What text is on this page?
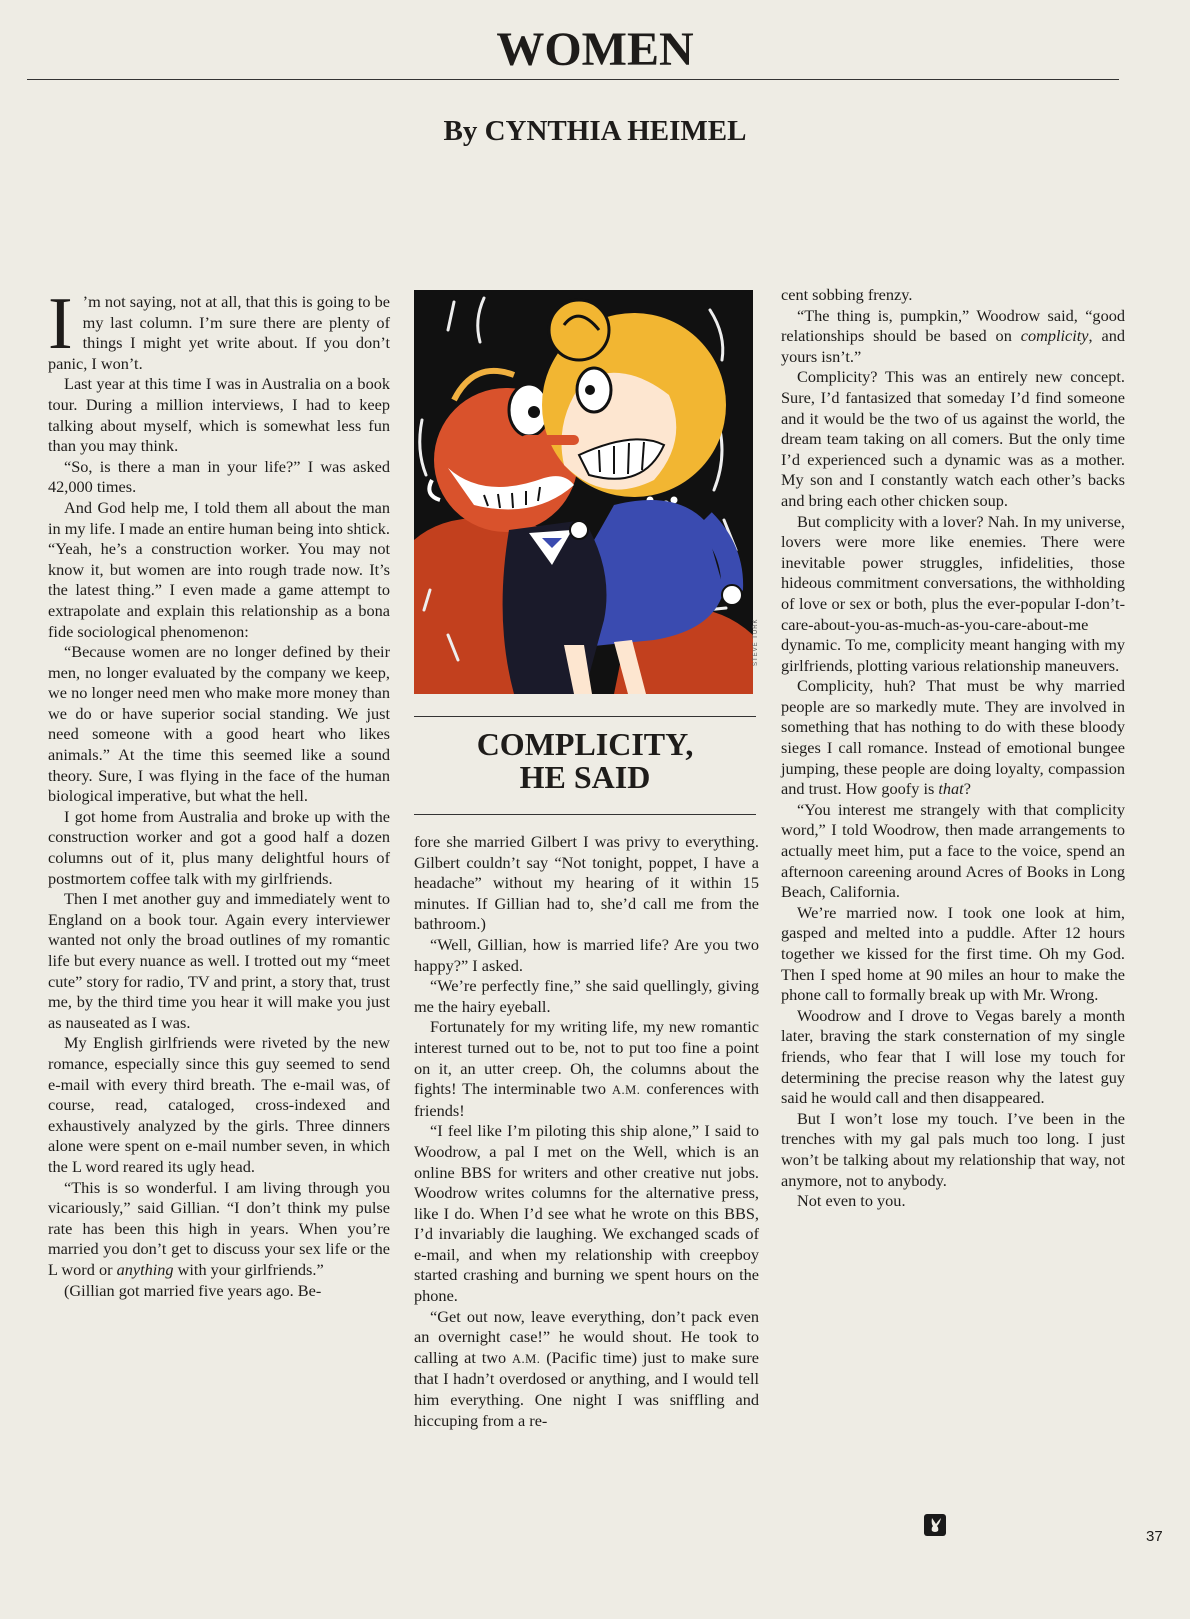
WOMEN
By CYNTHIA HEIMEL

I ’m not saying, not at all, that this is going to be my last column. I’m sure there are plenty of things I might yet write about. If you don’t panic, I won’t.

Last year at this time I was in Australia on a book tour. During a million interviews, I had to keep talking about myself, which is somewhat less fun than you may think.

“So, is there a man in your life?” I was asked 42,000 times.

And God help me, I told them all about the man in my life. I made an entire human being into shtick. “Yeah, he’s a construction worker. You may not know it, but women are into rough trade now. It’s the latest thing.” I even made a game attempt to extrapolate and explain this relationship as a bona fide sociological phenomenon:

“Because women are no longer defined by their men, no longer evaluated by the company we keep, we no longer need men who make more money than we do or have superior social standing. We just need someone with a good heart who likes animals.” At the time this seemed like a sound theory. Sure, I was flying in the face of the human biological imperative, but what the hell.

I got home from Australia and broke up with the construction worker and got a good half a dozen columns out of it, plus many delightful hours of postmortem coffee talk with my girlfriends.

Then I met another guy and immediately went to England on a book tour. Again every interviewer wanted not only the broad outlines of my romantic life but every nuance as well. I trotted out my “meet cute” story for radio, TV and print, a story that, trust me, by the third time you hear it will make you just as nauseated as I was.

My English girlfriends were riveted by the new romance, especially since this guy seemed to send e-mail with every third breath. The e-mail was, of course, read, cataloged, cross-indexed and exhaustively analyzed by the girls. Three dinners alone were spent on e-mail number seven, in which the L word reared its ugly head.

“This is so wonderful. I am living through you vicariously,” said Gillian. “I don’t think my pulse rate has been this high in years. When you’re married you don’t get to discuss your sex life or the L word or anything with your girlfriends.”

(Gillian got married five years ago. Be-

STEVE TURK
COMPLICITY,
HE SAID

fore she married Gilbert I was privy to everything. Gilbert couldn’t say “Not tonight, poppet, I have a headache” without my hearing of it within 15 minutes. If Gillian had to, she’d call me from the bathroom.)

“Well, Gillian, how is married life? Are you two happy?” I asked.

“We’re perfectly fine,” she said quellingly, giving me the hairy eyeball.

Fortunately for my writing life, my new romantic interest turned out to be, not to put too fine a point on it, an utter creep. Oh, the columns about the fights! The interminable two A.M. conferences with friends!

“I feel like I’m piloting this ship alone,” I said to Woodrow, a pal I met on the Well, which is an online BBS for writers and other creative nut jobs. Woodrow writes columns for the alternative press, like I do. When I’d see what he wrote on this BBS, I’d invariably die laughing. We exchanged scads of e-mail, and when my relationship with creepboy started crashing and burning we spent hours on the phone.

“Get out now, leave everything, don’t pack even an overnight case!” he would shout. He took to calling at two A.M. (Pacific time) just to make sure that I hadn’t overdosed or anything, and I would tell him everything. One night I was sniffling and hiccuping from a re-

cent sobbing frenzy.

“The thing is, pumpkin,” Woodrow said, “good relationships should be based on complicity, and yours isn’t.”

Complicity? This was an entirely new concept. Sure, I’d fantasized that someday I’d find someone and it would be the two of us against the world, the dream team taking on all comers. But the only time I’d experienced such a dynamic was as a mother. My son and I constantly watch each other’s backs and bring each other chicken soup.

But complicity with a lover? Nah. In my universe, lovers were more like enemies. There were inevitable power struggles, infidelities, those hideous commitment conversations, the withholding of love or sex or both, plus the ever-popular I-don’t-care-about-you-as-much-as-you-care-about-me dynamic. To me, complicity meant hanging with my girlfriends, plotting various relationship maneuvers.

Complicity, huh? That must be why married people are so markedly mute. They are involved in something that has nothing to do with these bloody sieges I call romance. Instead of emotional bungee jumping, these people are doing loyalty, compassion and trust. How goofy is that?

“You interest me strangely with that complicity word,” I told Woodrow, then made arrangements to actually meet him, put a face to the voice, spend an afternoon careening around Acres of Books in Long Beach, California.

We’re married now. I took one look at him, gasped and melted into a puddle. After 12 hours together we kissed for the first time. Oh my God. Then I sped home at 90 miles an hour to make the phone call to formally break up with Mr. Wrong.

Woodrow and I drove to Vegas barely a month later, braving the stark consternation of my single friends, who fear that I will lose my touch for determining the precise reason why the latest guy said he would call and then disappeared.

But I won’t lose my touch. I’ve been in the trenches with my gal pals much too long. I just won’t be talking about my relationship that way, not anymore, not to anybody.

Not even to you.

37
